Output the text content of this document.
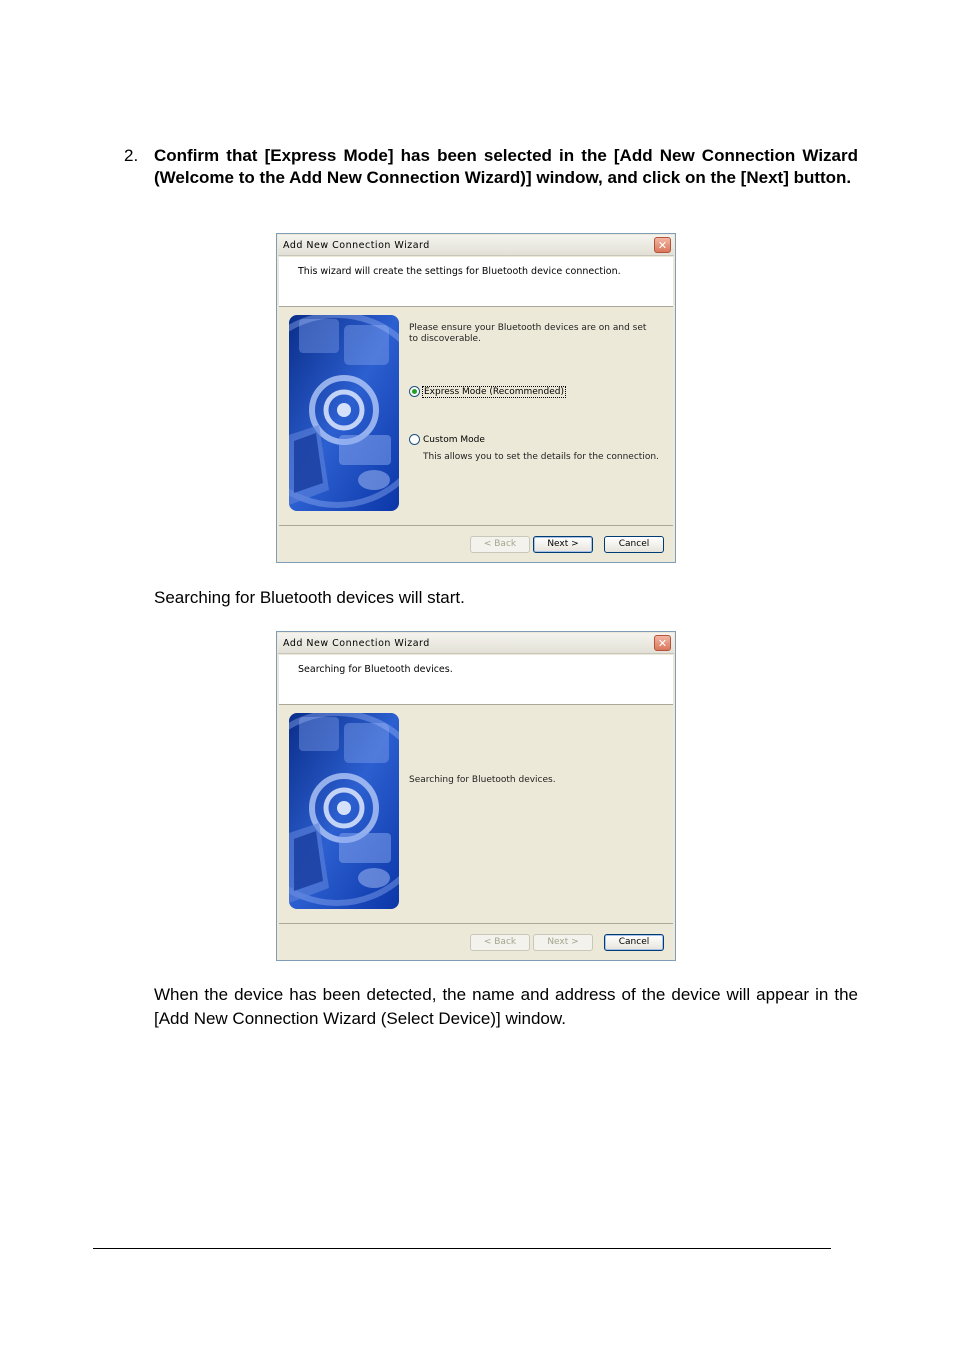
2. Confirm that [Express Mode] has been selected in the [Add New Connection Wizard (Welcome to the Add New Connection Wizard)] window, and click on the [Next] button.
Add New Connection Wizard	✕
This wizard will create the settings for Bluetooth device connection.
Please ensure your Bluetooth devices are on and set to discoverable.
Express Mode (Recommended)
Custom Mode
This allows you to set the details for the connection.
< Back	Next >	Cancel
Searching for Bluetooth devices will start.
Add New Connection Wizard	✕
Searching for Bluetooth devices.
Searching for Bluetooth devices.
< Back	Next >	Cancel
When the device has been detected, the name and address of the device will appear in the [Add New Connection Wizard (Select Device)] window.
